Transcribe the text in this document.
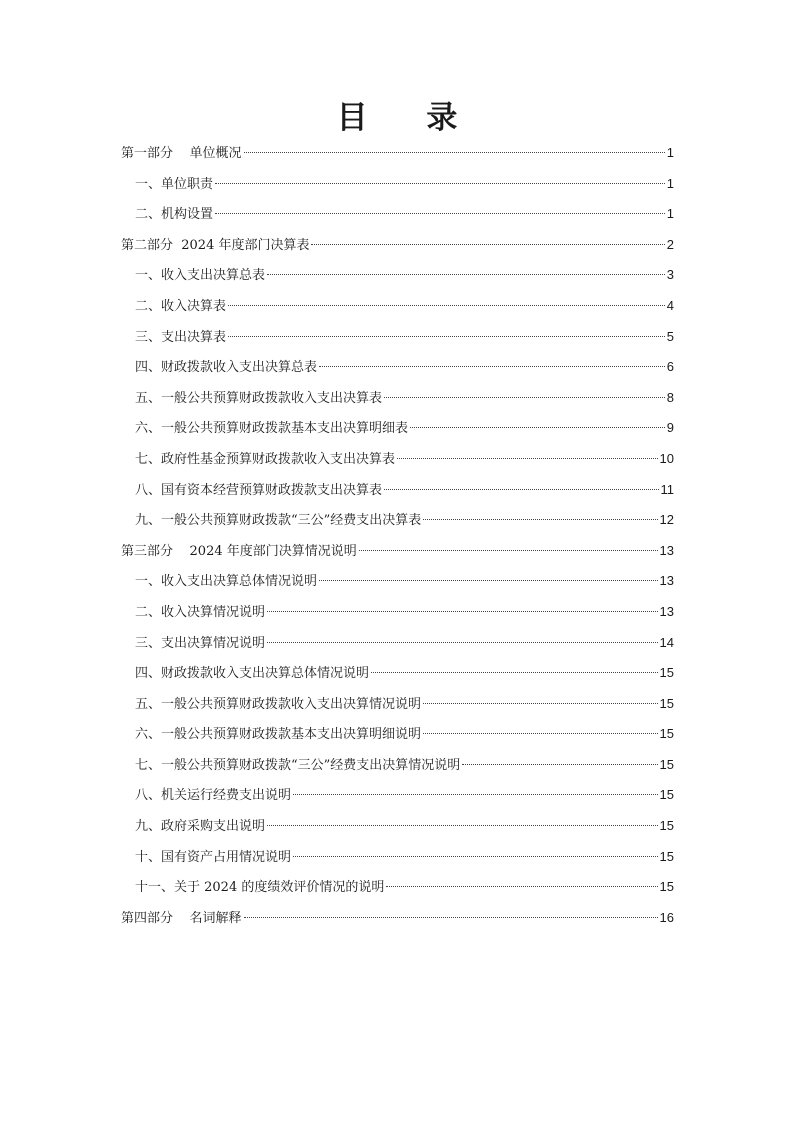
目 录
第一部分    单位概况	1
一、单位职责	1
二、机构设置	1
第二部分  2024 年度部门决算表	2
一、收入支出决算总表	3
二、收入决算表	4
三、支出决算表	5
四、财政拨款收入支出决算总表	6
五、一般公共预算财政拨款收入支出决算表	8
六、一般公共预算财政拨款基本支出决算明细表	9
七、政府性基金预算财政拨款收入支出决算表	10
八、国有资本经营预算财政拨款支出决算表	11
九、一般公共预算财政拨款“三公”经费支出决算表	12
第三部分    2024 年度部门决算情况说明	13
一、收入支出决算总体情况说明	13
二、收入决算情况说明	13
三、支出决算情况说明	14
四、财政拨款收入支出决算总体情况说明	15
五、一般公共预算财政拨款收入支出决算情况说明	15
六、一般公共预算财政拨款基本支出决算明细说明	15
七、一般公共预算财政拨款“三公”经费支出决算情况说明	15
八、机关运行经费支出说明	15
九、政府采购支出说明	15
十、国有资产占用情况说明	15
十一、关于 2024 的度绩效评价情况的说明	15
第四部分    名词解释	16
